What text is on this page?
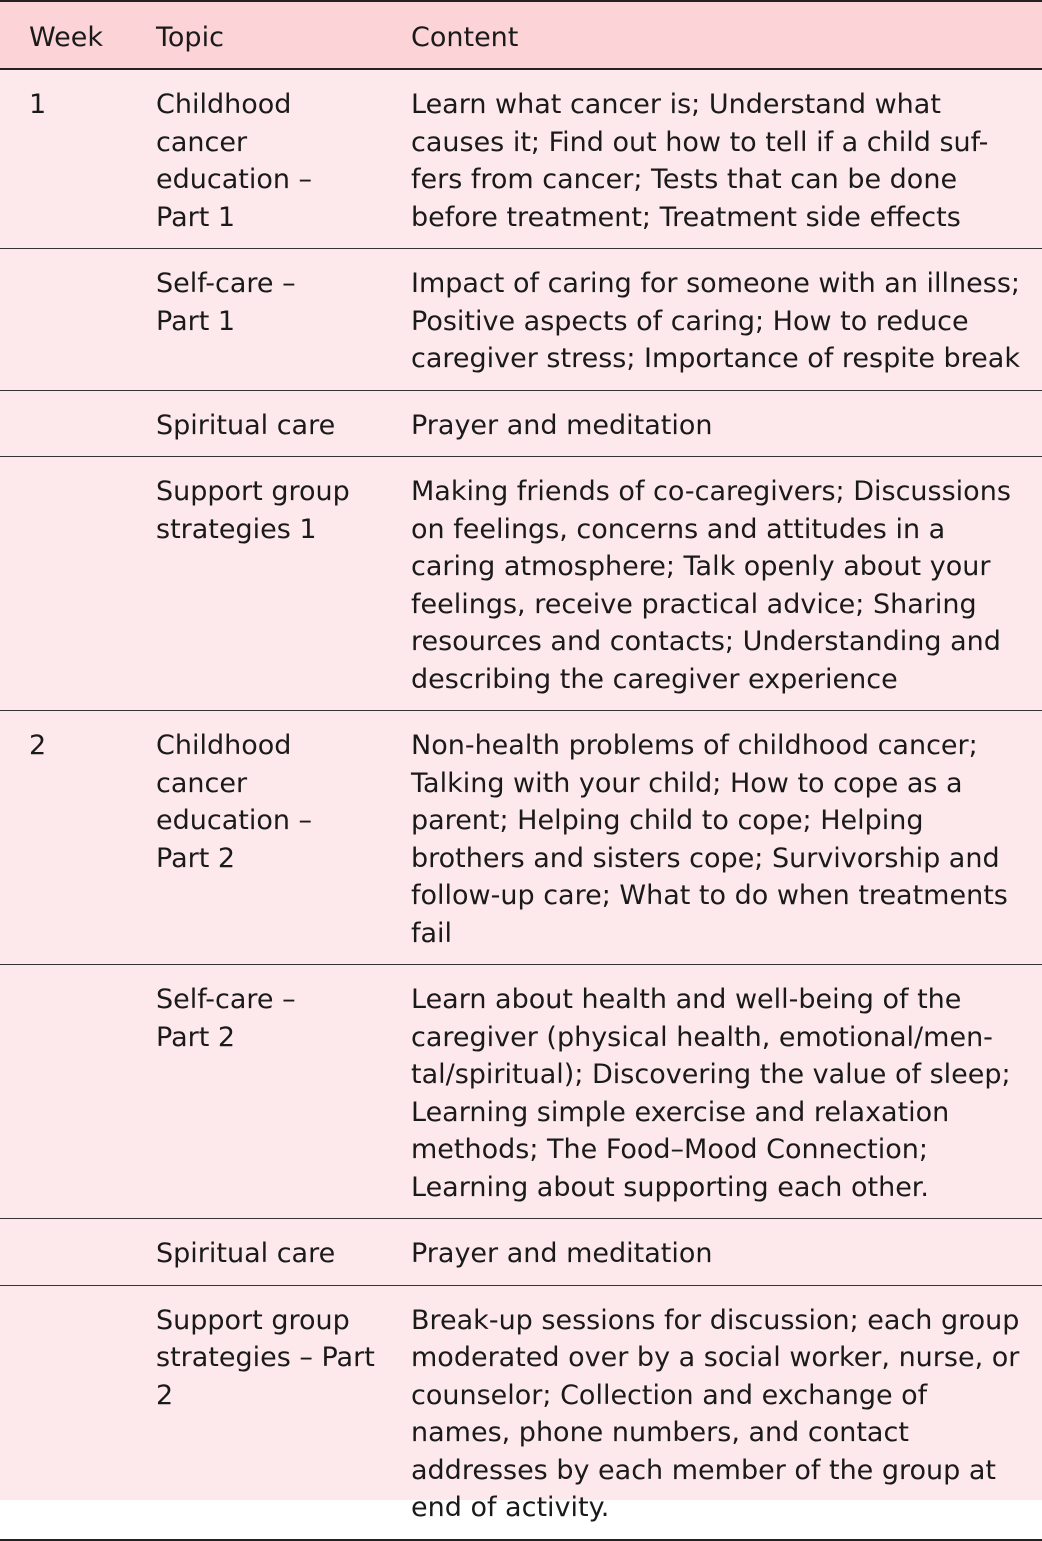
Week	Topic	Content
1	Childhood cancer education – Part 1	Learn what cancer is; Understand what causes it; Find out how to tell if a child suf-fers from cancer; Tests that can be done before treatment; Treatment side effects
	Self-care – Part 1	Impact of caring for someone with an illness; Positive aspects of caring; How to reduce caregiver stress; Importance of respite break
	Spiritual care	Prayer and meditation
	Support group strategies 1	Making friends of co-caregivers; Discussions on feelings, concerns and attitudes in a caring atmosphere; Talk openly about your feelings, receive practical advice; Sharing resources and contacts; Understanding and describing the caregiver experience
2	Childhood cancer education – Part 2	Non-health problems of childhood cancer; Talking with your child; How to cope as a parent; Helping child to cope; Helping brothers and sisters cope; Survivorship and follow-up care; What to do when treatments fail
	Self-care – Part 2	Learn about health and well-being of the caregiver (physical health, emotional/men-tal/spiritual); Discovering the value of sleep; Learning simple exercise and relaxation methods; The Food–Mood Connection; Learning about supporting each other.
	Spiritual care	Prayer and meditation
	Support group strategies – Part 2	Break-up sessions for discussion; each group moderated over by a social worker, nurse, or counselor; Collection and exchange of names, phone numbers, and contact addresses by each member of the group at end of activity.
